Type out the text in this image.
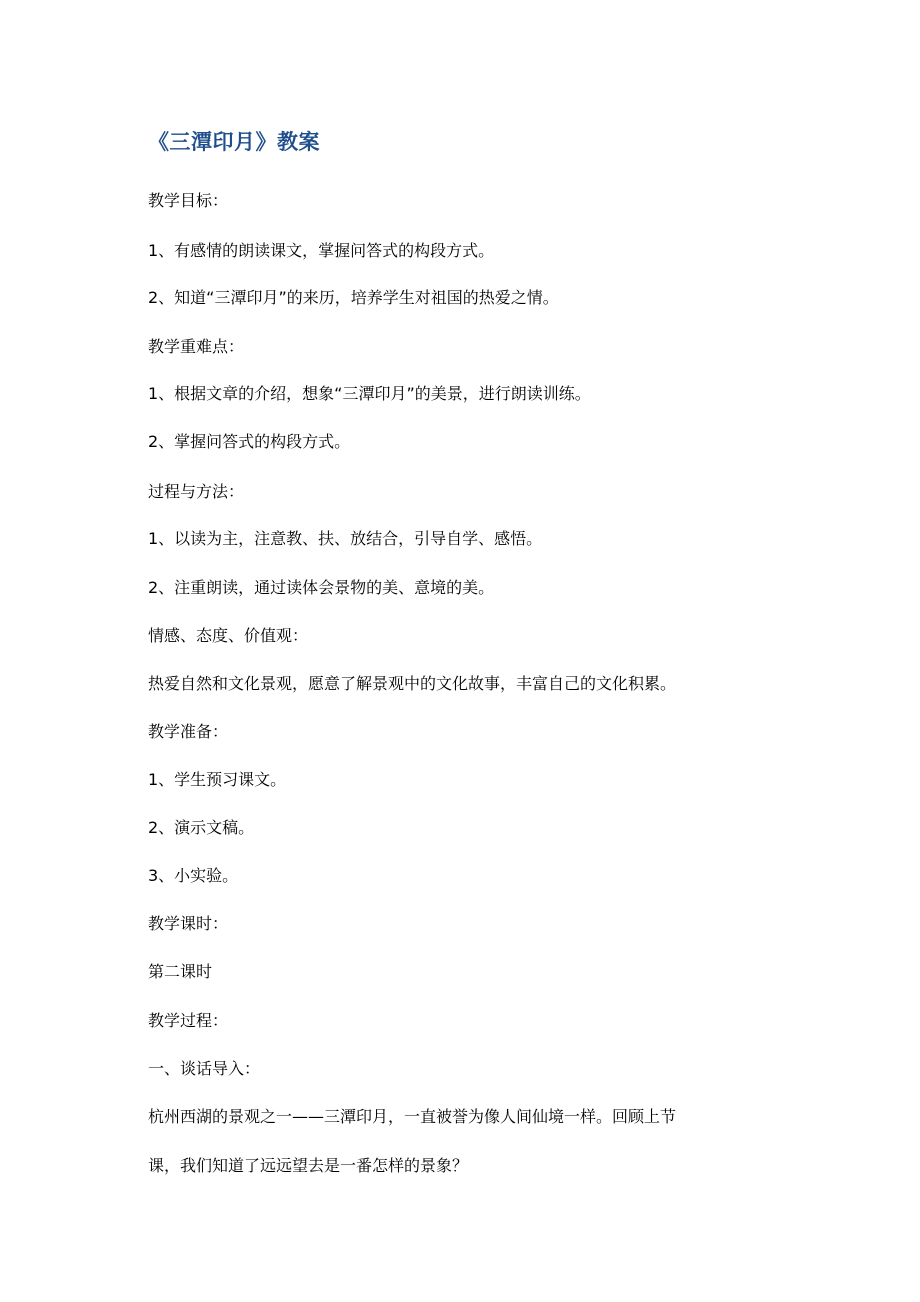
《三潭印月》教案
教学目标：
1、有感情的朗读课文，掌握问答式的构段方式。
2、知道“三潭印月”的来历，培养学生对祖国的热爱之情。
教学重难点：
1、根据文章的介绍，想象“三潭印月”的美景，进行朗读训练。
2、掌握问答式的构段方式。
过程与方法：
1、以读为主，注意教、扶、放结合，引导自学、感悟。
2、注重朗读，通过读体会景物的美、意境的美。
情感、态度、价值观：
热爱自然和文化景观，愿意了解景观中的文化故事，丰富自己的文化积累。
教学准备：
1、学生预习课文。
2、演示文稿。
3、小实验。
教学课时：
第二课时
教学过程：
一、谈话导入：
杭州西湖的景观之一——三潭印月，一直被誉为像人间仙境一样。回顾上节
课，我们知道了远远望去是一番怎样的景象？
